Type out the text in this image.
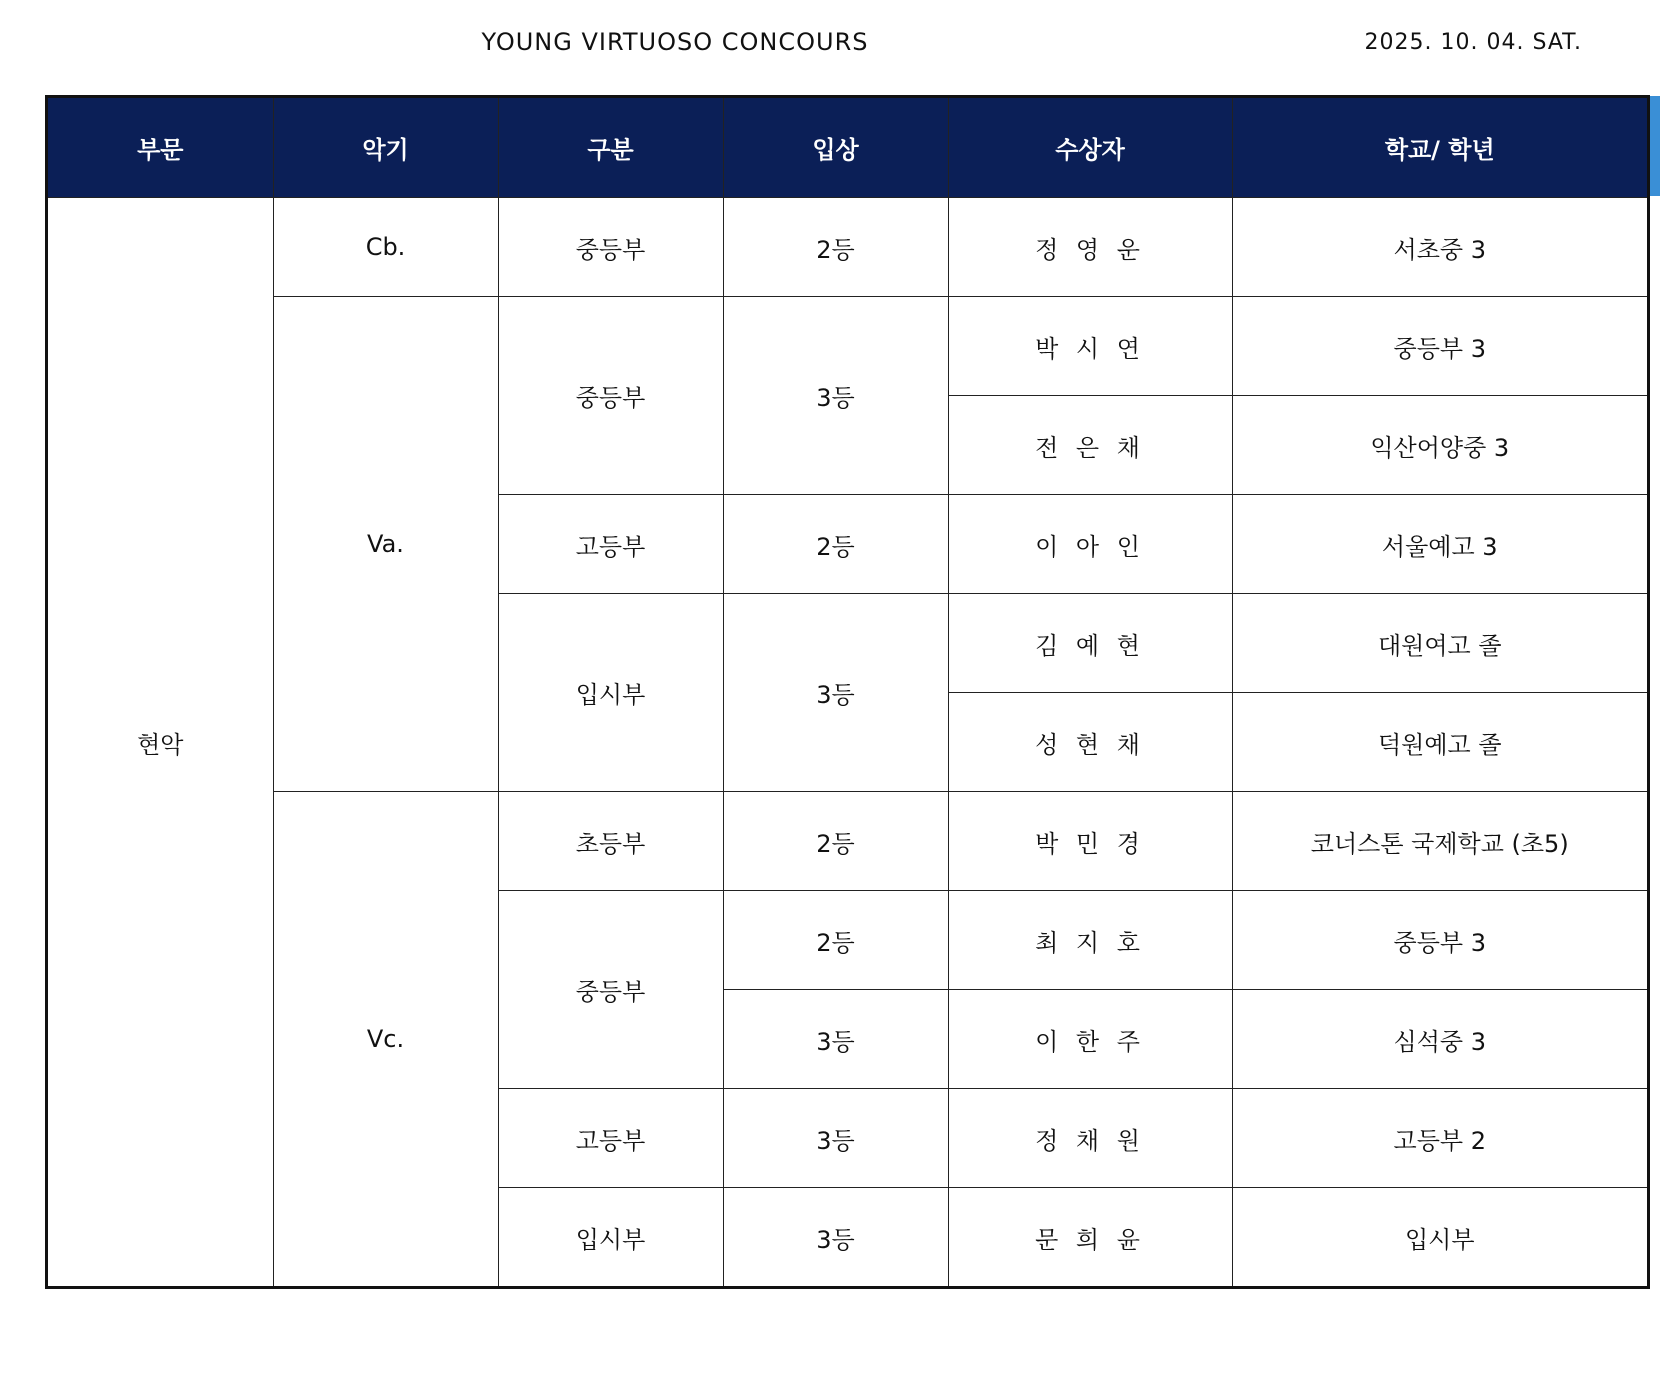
YOUNG VIRTUOSO CONCOURS	2025. 10. 04. SAT.
부문	악기	구분	입상	수상자	학교/ 학년
현악	Cb.	중등부	2등	정 영 운	서초중 3
	Va.	중등부	3등	박 시 연	중등부 3
				전 은 채	익산어양중 3
		고등부	2등	이 아 인	서울예고 3
		입시부	3등	김 예 현	대원여고 졸
				성 현 채	덕원예고 졸
	Vc.	초등부	2등	박 민 경	코너스톤 국제학교 (초5)
		중등부	2등	최 지 호	중등부 3
			3등	이 한 주	심석중 3
		고등부	3등	정 채 원	고등부 2
		입시부	3등	문 희 윤	입시부
